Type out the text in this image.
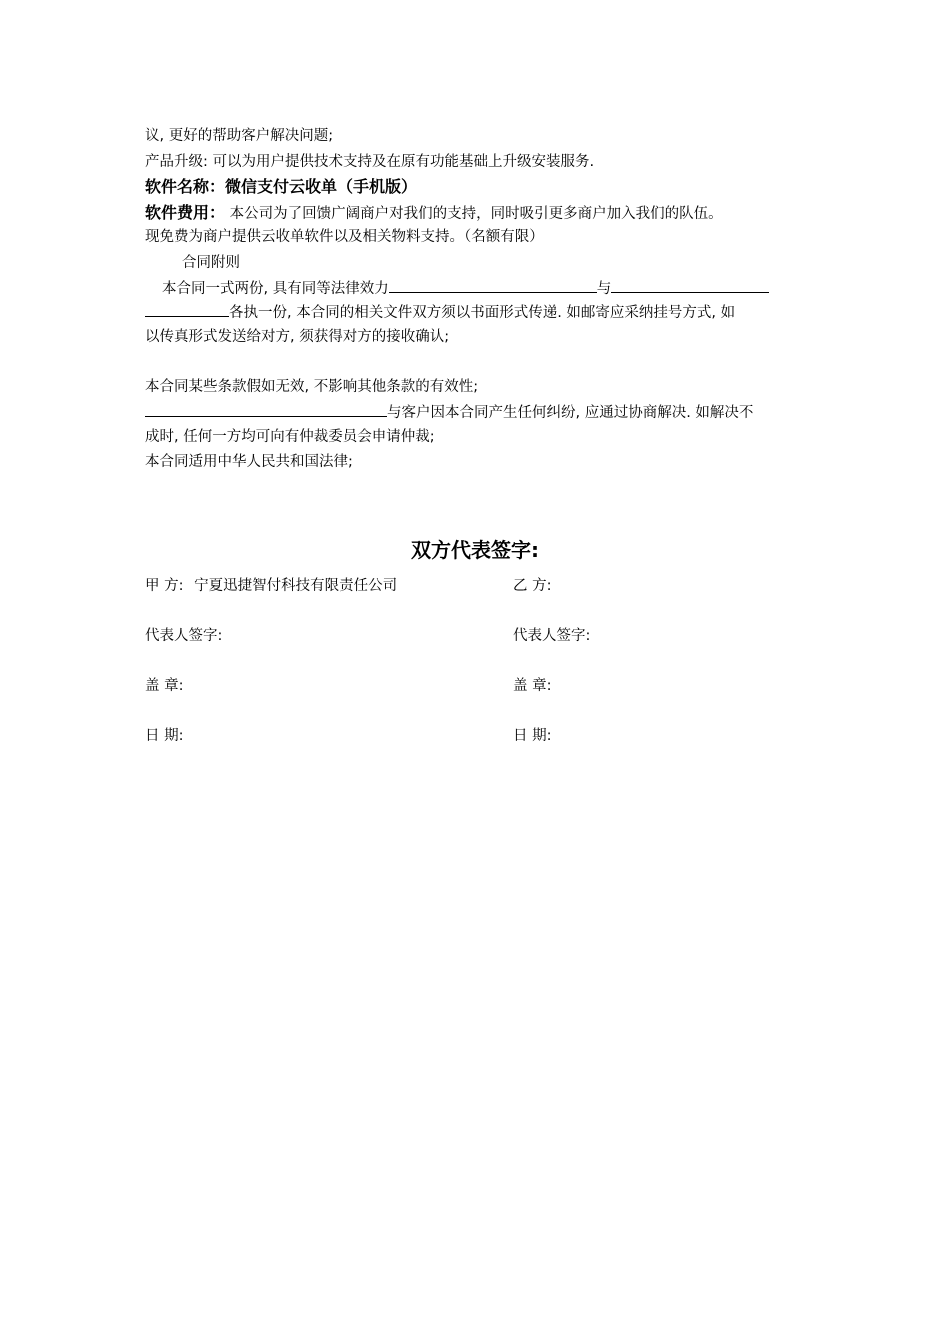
议, 更好的帮助客户解决问题;
产品升级: 可以为用户提供技术支持及在原有功能基础上升级安装服务.
软件名称：微信支付云收单（手机版）
软件费用： 本公司为了回馈广阔商户对我们的支持，同时吸引更多商户加入我们的队伍。
现免费为商户提供云收单软件以及相关物料支持。（名额有限）
合同附则
本合同一式两份, 具有同等法律效力	与
各执一份, 本合同的相关文件双方须以书面形式传递. 如邮寄应采纳挂号方式, 如
以传真形式发送给对方, 须获得对方的接收确认;
本合同某些条款假如无效, 不影响其他条款的有效性;
与客户因本合同产生任何纠纷, 应通过协商解决. 如解决不
成时, 任何一方均可向有仲裁委员会申请仲裁;
本合同适用中华人民共和国法律;
双方代表签字:
甲 方: 宁夏迅捷智付科技有限责任公司	乙 方:
代表人签字:	代表人签字:
盖 章:	盖 章:
日 期:	日 期:
